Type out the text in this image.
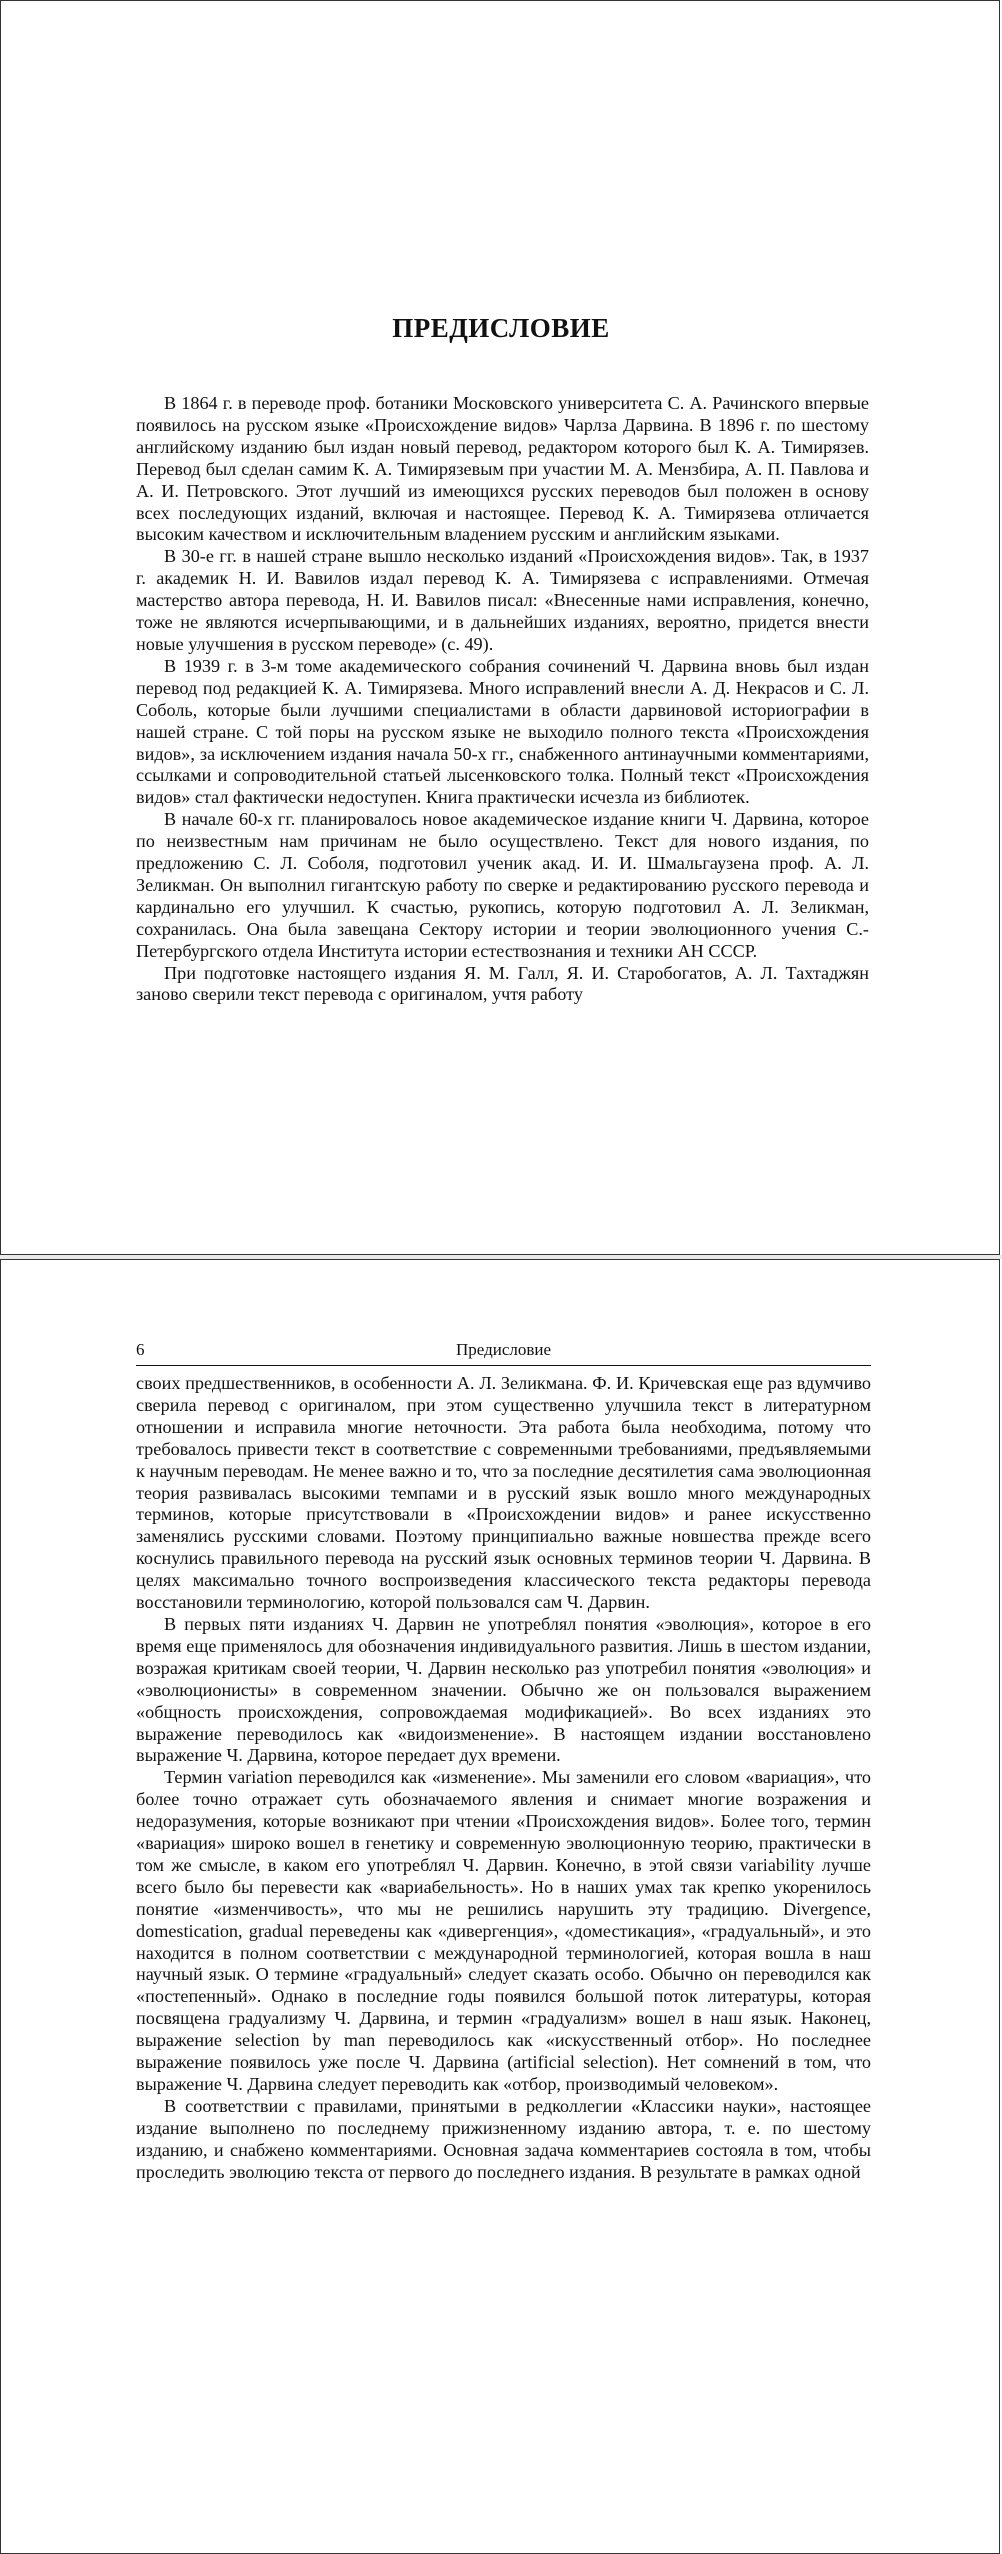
ПРЕДИСЛОВИЕ

В 1864 г. в переводе проф. ботаники Московского университета С. А. Рачинского впервые появилось на русском языке «Происхождение видов» Чарлза Дарвина. В 1896 г. по шестому английскому изданию был издан новый перевод, редактором которого был К. А. Тимирязев. Перевод был сделан самим К. А. Тимирязевым при участии М. А. Мензбира, А. П. Павлова и А. И. Петровского. Этот лучший из имеющихся русских переводов был положен в основу всех последующих изданий, включая и настоящее. Перевод К. А. Тимирязева отличается высоким качеством и исключительным владением русским и английским языками.

В 30-е гг. в нашей стране вышло несколько изданий «Происхождения видов». Так, в 1937 г. академик Н. И. Вавилов издал перевод К. А. Тимирязева с исправлениями. Отмечая мастерство автора перевода, Н. И. Вавилов писал: «Внесенные нами исправления, конечно, тоже не являются исчерпывающими, и в дальнейших изданиях, вероятно, придется внести новые улучшения в русском переводе» (с. 49).

В 1939 г. в 3-м томе академического собрания сочинений Ч. Дарвина вновь был издан перевод под редакцией К. А. Тимирязева. Много исправлений внесли А. Д. Некрасов и С. Л. Соболь, которые были лучшими специалистами в области дарвиновой историографии в нашей стране. С той поры на русском языке не выходило полного текста «Происхождения видов», за исключением издания начала 50-х гг., снабженного антинаучными комментариями, ссылками и сопроводительной статьей лысенковского толка. Полный текст «Происхождения видов» стал фактически недоступен. Книга практически исчезла из библиотек.

В начале 60-х гг. планировалось новое академическое издание книги Ч. Дарвина, которое по неизвестным нам причинам не было осуществлено. Текст для нового издания, по предложению С. Л. Соболя, подготовил ученик акад. И. И. Шмальгаузена проф. А. Л. Зеликман. Он выполнил гигантскую работу по сверке и редактированию русского перевода и кардинально его улучшил. К счастью, рукопись, которую подготовил А. Л. Зеликман, сохранилась. Она была завещана Сектору истории и теории эволюционного учения С.-Петербургского отдела Института истории естествознания и техники АН СССР.

При подготовке настоящего издания Я. М. Галл, Я. И. Старобогатов, А. Л. Тахтаджян заново сверили текст перевода с оригиналом, учтя работу

6	Предисловие

своих предшественников, в особенности А. Л. Зеликмана. Ф. И. Кричевская еще раз вдумчиво сверила перевод с оригиналом, при этом существенно улучшила текст в литературном отношении и исправила многие неточности. Эта работа была необходима, потому что требовалось привести текст в соответствие с современными требованиями, предъявляемыми к научным переводам. Не менее важно и то, что за последние десятилетия сама эволюционная теория развивалась высокими темпами и в русский язык вошло много международных терминов, которые присутствовали в «Происхождении видов» и ранее искусственно заменялись русскими словами. Поэтому принципиально важные новшества прежде всего коснулись правильного перевода на русский язык основных терминов теории Ч. Дарвина. В целях максимально точного воспроизведения классического текста редакторы перевода восстановили терминологию, которой пользовался сам Ч. Дарвин.

В первых пяти изданиях Ч. Дарвин не употреблял понятия «эволюция», которое в его время еще применялось для обозначения индивидуального развития. Лишь в шестом издании, возражая критикам своей теории, Ч. Дарвин несколько раз употребил понятия «эволюция» и «эволюционисты» в современном значении. Обычно же он пользовался выражением «общность происхождения, сопровождаемая модификацией». Во всех изданиях это выражение переводилось как «видоизменение». В настоящем издании восстановлено выражение Ч. Дарвина, которое передает дух времени.

Термин variation переводился как «изменение». Мы заменили его словом «вариация», что более точно отражает суть обозначаемого явления и снимает многие возражения и недоразумения, которые возникают при чтении «Происхождения видов». Более того, термин «вариация» широко вошел в генетику и современную эволюционную теорию, практически в том же смысле, в каком его употреблял Ч. Дарвин. Конечно, в этой связи variability лучше всего было бы перевести как «вариабельность». Но в наших умах так крепко укоренилось понятие «изменчивость», что мы не решились нарушить эту традицию. Divergence, domestication, gradual переведены как «дивергенция», «доместикация», «градуальный», и это находится в полном соответствии с международной терминологией, которая вошла в наш научный язык. О термине «градуальный» следует сказать особо. Обычно он переводился как «постепенный». Однако в последние годы появился большой поток литературы, которая посвящена градуализму Ч. Дарвина, и термин «градуализм» вошел в наш язык. Наконец, выражение selection by man переводилось как «искусственный отбор». Но последнее выражение появилось уже после Ч. Дарвина (artificial selection). Нет сомнений в том, что выражение Ч. Дарвина следует переводить как «отбор, производимый человеком».

В соответствии с правилами, принятыми в редколлегии «Классики науки», настоящее издание выполнено по последнему прижизненному изданию автора, т. е. по шестому изданию, и снабжено комментариями. Основная задача комментариев состояла в том, чтобы проследить эволюцию текста от первого до последнего издания. В результате в рамках одной
